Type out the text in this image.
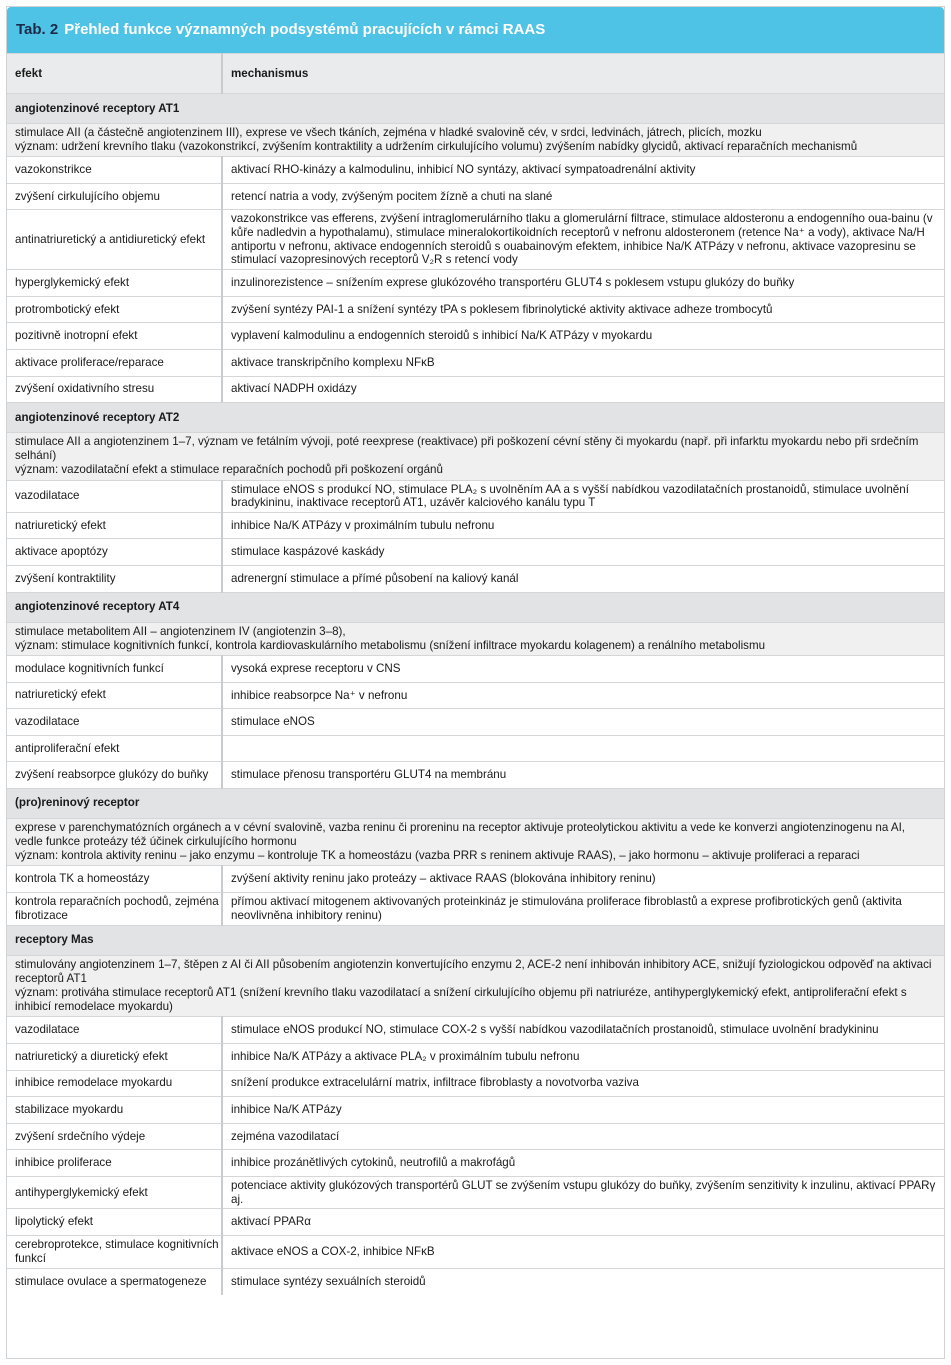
Tab. 2 Přehled funkce významných podsystémů pracujících v rámci RAAS
efekt	mechanismus
angiotenzinové receptory AT1	

stimulace AII (a částečně angiotenzinem III), exprese ve všech tkáních, zejména v hladké svalovině cév, v srdci, ledvinách, játrech, plicích, mozku
význam: udržení krevního tlaku (vazokonstrikcí, zvýšením kontraktility a udržením cirkulujícího volumu) zvýšením nabídky glycidů, aktivací reparačních mechanismů	

vazokonstrikce	aktivací RHO-kinázy a kalmodulinu, inhibicí NO syntázy, aktivací sympatoadrenální aktivity
zvýšení cirkulujícího objemu	retencí natria a vody, zvýšeným pocitem žízně a chuti na slané
antinatriuretický a antidiuretický efekt	vazokonstrikce vas efferens, zvýšení intraglomerulárního tlaku a glomerulární filtrace, stimulace aldosteronu a endogenního oua-bainu (v kůře nadledvin a hypothalamu), stimulace mineralokortikoidních receptorů v nefronu aldosteronem (retence Na⁺ a vody), aktivace Na/H antiportu v nefronu, aktivace endogenních steroidů s ouabainovým efektem, inhibice Na/K ATPázy v nefronu, aktivace vazopresinu se stimulací vazopresinových receptorů V₂R s retencí vody
hyperglykemický efekt	inzulinorezistence – snížením exprese glukózového transportéru GLUT4 s poklesem vstupu glukózy do buňky
protrombotický efekt	zvýšení syntézy PAI-1 a snížení syntézy tPA s poklesem fibrinolytické aktivity aktivace adheze trombocytů
pozitivně inotropní efekt	vyplavení kalmodulinu a endogenních steroidů s inhibicí Na/K ATPázy v myokardu
aktivace proliferace/reparace	aktivace transkripčního komplexu NFκB
zvýšení oxidativního stresu	aktivací NADPH oxidázy
angiotenzinové receptory AT2	

stimulace AII a angiotenzinem 1–7, význam ve fetálním vývoji, poté reexprese (reaktivace) při poškození cévní stěny či myokardu (např. při infarktu myokardu nebo při srdečním selhání)
význam: vazodilatační efekt a stimulace reparačních pochodů při poškození orgánů	

vazodilatace	stimulace eNOS s produkcí NO, stimulace PLA₂ s uvolněním AA a s vyšší nabídkou vazodilatačních prostanoidů, stimulace uvolnění bradykininu, inaktivace receptorů AT1, uzávěr kalciového kanálu typu T
natriuretický efekt	inhibice Na/K ATPázy v proximálním tubulu nefronu
aktivace apoptózy	stimulace kaspázové kaskády
zvýšení kontraktility	adrenergní stimulace a přímé působení na kaliový kanál
angiotenzinové receptory AT4	

stimulace metabolitem AII – angiotenzinem IV (angiotenzin 3–8),
význam: stimulace kognitivních funkcí, kontrola kardiovaskulárního metabolismu (snížení infiltrace myokardu kolagenem) a renálního metabolismu	

modulace kognitivních funkcí	vysoká exprese receptoru v CNS
natriuretický efekt	inhibice reabsorpce Na⁺ v nefronu
vazodilatace	stimulace eNOS
antiproliferační efekt	
zvýšení reabsorpce glukózy do buňky	stimulace přenosu transportéru GLUT4 na membránu
(pro)reninový receptor	

exprese v parenchymatózních orgánech a v cévní svalovině, vazba reninu či proreninu na receptor aktivuje proteolytickou aktivitu a vede ke konverzi angiotenzinogenu na AI,
vedle funkce proteázy též účinek cirkulujícího hormonu
význam: kontrola aktivity reninu – jako enzymu – kontroluje TK a homeostázu (vazba PRR s reninem aktivuje RAAS), – jako hormonu – aktivuje proliferaci a reparaci	

kontrola TK a homeostázy	zvýšení aktivity reninu jako proteázy – aktivace RAAS (blokována inhibitory reninu)
kontrola reparačních pochodů, zejména fibrotizace	přímou aktivací mitogenem aktivovaných proteinkináz je stimulována proliferace fibroblastů a exprese profibrotických genů (aktivita neovlivněna inhibitory reninu)
receptory Mas	

stimulovány angiotenzinem 1–7, štěpen z AI či AII působením angiotenzin konvertujícího enzymu 2, ACE-2 není inhibován inhibitory ACE, snižují fyziologickou odpověď na aktivaci receptorů AT1
význam: protiváha stimulace receptorů AT1 (snížení krevního tlaku vazodilatací a snížení cirkulujícího objemu při natriuréze, antihyperglykemický efekt, antiproliferační efekt s inhibicí remodelace myokardu)	

vazodilatace	stimulace eNOS produkcí NO, stimulace COX-2 s vyšší nabídkou vazodilatačních prostanoidů, stimulace uvolnění bradykininu
natriuretický a diuretický efekt	inhibice Na/K ATPázy a aktivace PLA₂ v proximálním tubulu nefronu
inhibice remodelace myokardu	snížení produkce extracelulární matrix, infiltrace fibroblasty a novotvorba vaziva
stabilizace myokardu	inhibice Na/K ATPázy
zvýšení srdečního výdeje	zejména vazodilatací
inhibice proliferace	inhibice prozánětlivých cytokinů, neutrofilů a makrofágů
antihyperglykemický efekt	potenciace aktivity glukózových transportérů GLUT se zvýšením vstupu glukózy do buňky, zvýšením senzitivity k inzulinu, aktivací PPARγ aj.
lipolytický efekt	aktivací PPARα
cerebroprotekce, stimulace kognitivních funkcí	aktivace eNOS a COX-2, inhibice NFκB
stimulace ovulace a spermatogeneze	stimulace syntézy sexuálních steroidů
